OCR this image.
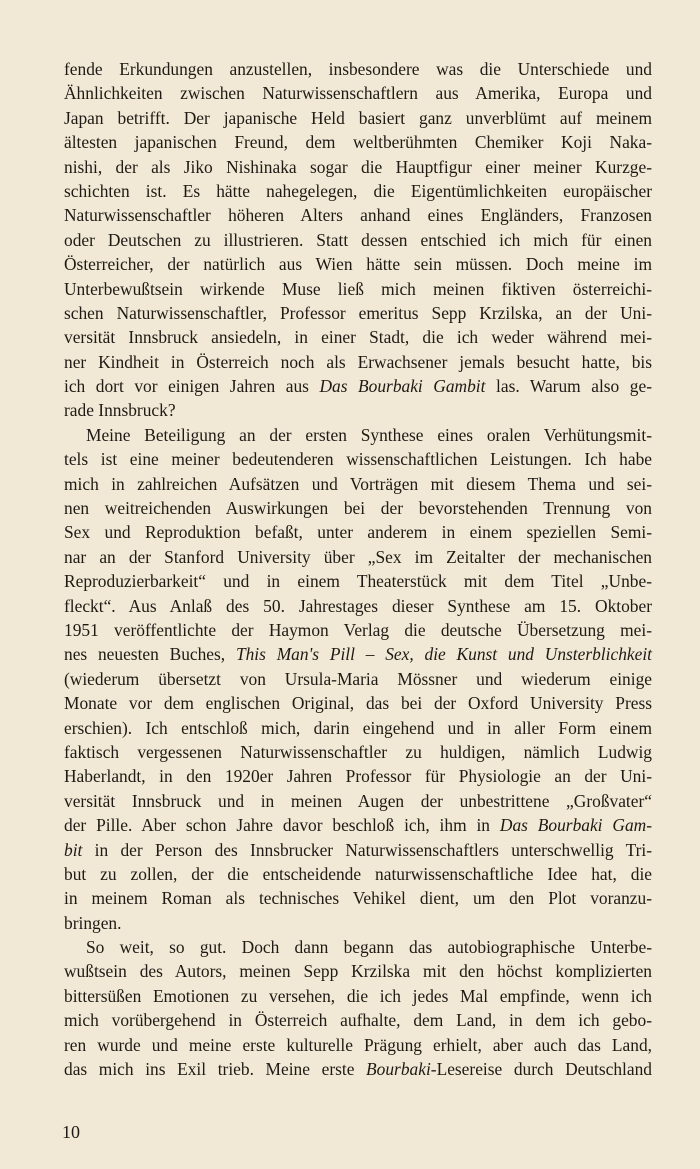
fende Erkundungen anzustellen, insbesondere was die Unterschiede und
Ähnlichkeiten zwischen Naturwissenschaftlern aus Amerika, Europa und
Japan betrifft. Der japanische Held basiert ganz unverblümt auf meinem
ältesten japanischen Freund, dem weltberühmten Chemiker Koji Naka-
nishi, der als Jiko Nishinaka sogar die Hauptfigur einer meiner Kurzge-
schichten ist. Es hätte nahegelegen, die Eigentümlichkeiten europäischer
Naturwissenschaftler höheren Alters anhand eines Engländers, Franzosen
oder Deutschen zu illustrieren. Statt dessen entschied ich mich für einen
Österreicher, der natürlich aus Wien hätte sein müssen. Doch meine im
Unterbewußtsein wirkende Muse ließ mich meinen fiktiven österreichi-
schen Naturwissenschaftler, Professor emeritus Sepp Krzilska, an der Uni-
versität Innsbruck ansiedeln, in einer Stadt, die ich weder während mei-
ner Kindheit in Österreich noch als Erwachsener jemals besucht hatte, bis
ich dort vor einigen Jahren aus Das Bourbaki Gambit las. Warum also ge-
rade Innsbruck?
Meine Beteiligung an der ersten Synthese eines oralen Verhütungsmit-
tels ist eine meiner bedeutenderen wissenschaftlichen Leistungen. Ich habe
mich in zahlreichen Aufsätzen und Vorträgen mit diesem Thema und sei-
nen weitreichenden Auswirkungen bei der bevorstehenden Trennung von
Sex und Reproduktion befaßt, unter anderem in einem speziellen Semi-
nar an der Stanford University über „Sex im Zeitalter der mechanischen
Reproduzierbarkeit“ und in einem Theaterstück mit dem Titel „Unbe-
fleckt“. Aus Anlaß des 50. Jahrestages dieser Synthese am 15. Oktober
1951 veröffentlichte der Haymon Verlag die deutsche Übersetzung mei-
nes neuesten Buches, This Man's Pill – Sex, die Kunst und Unsterblichkeit
(wiederum übersetzt von Ursula-Maria Mössner und wiederum einige
Monate vor dem englischen Original, das bei der Oxford University Press
erschien). Ich entschloß mich, darin eingehend und in aller Form einem
faktisch vergessenen Naturwissenschaftler zu huldigen, nämlich Ludwig
Haberlandt, in den 1920er Jahren Professor für Physiologie an der Uni-
versität Innsbruck und in meinen Augen der unbestrittene „Großvater“
der Pille. Aber schon Jahre davor beschloß ich, ihm in Das Bourbaki Gam-
bit in der Person des Innsbrucker Naturwissenschaftlers unterschwellig Tri-
but zu zollen, der die entscheidende naturwissenschaftliche Idee hat, die
in meinem Roman als technisches Vehikel dient, um den Plot voranzu-
bringen.
So weit, so gut. Doch dann begann das autobiographische Unterbe-
wußtsein des Autors, meinen Sepp Krzilska mit den höchst komplizierten
bittersüßen Emotionen zu versehen, die ich jedes Mal empfinde, wenn ich
mich vorübergehend in Österreich aufhalte, dem Land, in dem ich gebo-
ren wurde und meine erste kulturelle Prägung erhielt, aber auch das Land,
das mich ins Exil trieb. Meine erste Bourbaki-Lesereise durch Deutschland
10
